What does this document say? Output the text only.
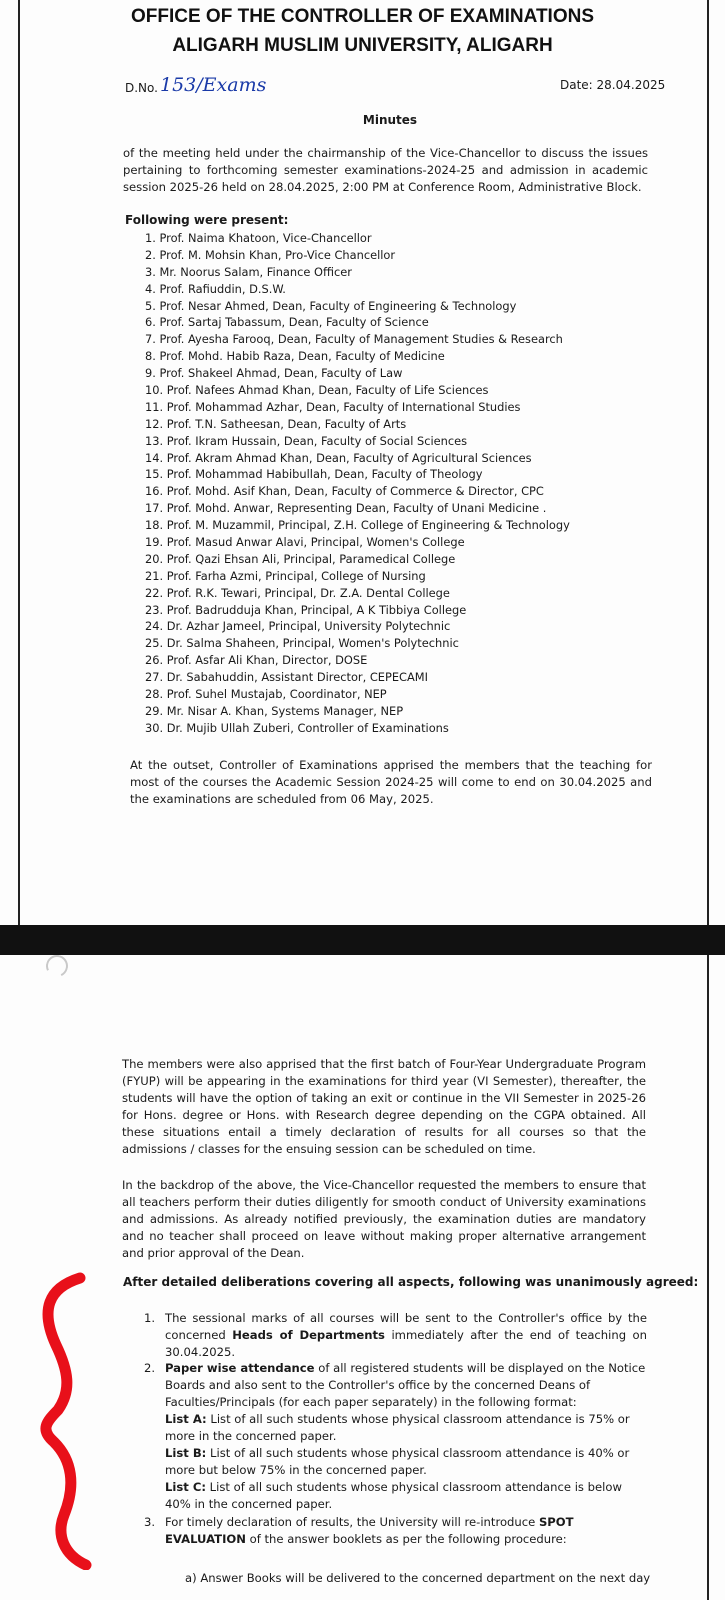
OFFICE OF THE CONTROLLER OF EXAMINATIONS
ALIGARH MUSLIM UNIVERSITY, ALIGARH
D.No. 153/Exams	Date: 28.04.2025
Minutes
of the meeting held under the chairmanship of the Vice-Chancellor to discuss the issues pertaining to forthcoming semester examinations-2024-25 and admission in academic session 2025-26 held on 28.04.2025, 2:00 PM at Conference Room, Administrative Block.
Following were present:
1. Prof. Naima Khatoon, Vice-Chancellor
2. Prof. M. Mohsin Khan, Pro-Vice Chancellor
3. Mr. Noorus Salam, Finance Officer
4. Prof. Rafiuddin, D.S.W.
5. Prof. Nesar Ahmed, Dean, Faculty of Engineering & Technology
6. Prof. Sartaj Tabassum, Dean, Faculty of Science
7. Prof. Ayesha Farooq, Dean, Faculty of Management Studies & Research
8. Prof. Mohd. Habib Raza, Dean, Faculty of Medicine
9. Prof. Shakeel Ahmad, Dean, Faculty of Law
10. Prof. Nafees Ahmad Khan, Dean, Faculty of Life Sciences
11. Prof. Mohammad Azhar, Dean, Faculty of International Studies
12. Prof. T.N. Satheesan, Dean, Faculty of Arts
13. Prof. Ikram Hussain, Dean, Faculty of Social Sciences
14. Prof. Akram Ahmad Khan, Dean, Faculty of Agricultural Sciences
15. Prof. Mohammad Habibullah, Dean, Faculty of Theology
16. Prof. Mohd. Asif Khan, Dean, Faculty of Commerce & Director, CPC
17. Prof. Mohd. Anwar, Representing Dean, Faculty of Unani Medicine .
18. Prof. M. Muzammil, Principal, Z.H. College of Engineering & Technology
19. Prof. Masud Anwar Alavi, Principal, Women's College
20. Prof. Qazi Ehsan Ali, Principal, Paramedical College
21. Prof. Farha Azmi, Principal, College of Nursing
22. Prof. R.K. Tewari, Principal, Dr. Z.A. Dental College
23. Prof. Badrudduja Khan, Principal, A K Tibbiya College
24. Dr. Azhar Jameel, Principal, University Polytechnic
25. Dr. Salma Shaheen, Principal, Women's Polytechnic
26. Prof. Asfar Ali Khan, Director, DOSE
27. Dr. Sabahuddin, Assistant Director, CEPECAMI
28. Prof. Suhel Mustajab, Coordinator, NEP
29. Mr. Nisar A. Khan, Systems Manager, NEP
30. Dr. Mujib Ullah Zuberi, Controller of Examinations
At the outset, Controller of Examinations apprised the members that the teaching for most of the courses the Academic Session 2024-25 will come to end on 30.04.2025 and the examinations are scheduled from 06 May, 2025.
The members were also apprised that the first batch of Four-Year Undergraduate Program (FYUP) will be appearing in the examinations for third year (VI Semester), thereafter, the students will have the option of taking an exit or continue in the VII Semester in 2025-26 for Hons. degree or Hons. with Research degree depending on the CGPA obtained. All these situations entail a timely declaration of results for all courses so that the admissions / classes for the ensuing session can be scheduled on time.
In the backdrop of the above, the Vice-Chancellor requested the members to ensure that all teachers perform their duties diligently for smooth conduct of University examinations and admissions. As already notified previously, the examination duties are mandatory and no teacher shall proceed on leave without making proper alternative arrangement and prior approval of the Dean.
After detailed deliberations covering all aspects, following was unanimously agreed:
1. The sessional marks of all courses will be sent to the Controller's office by the concerned Heads of Departments immediately after the end of teaching on 30.04.2025.
2. Paper wise attendance of all registered students will be displayed on the Notice Boards and also sent to the Controller's office by the concerned Deans of Faculties/Principals (for each paper separately) in the following format:
List A: List of all such students whose physical classroom attendance is 75% or more in the concerned paper.
List B: List of all such students whose physical classroom attendance is 40% or more but below 75% in the concerned paper.
List C: List of all such students whose physical classroom attendance is below 40% in the concerned paper.
3. For timely declaration of results, the University will re-introduce SPOT EVALUATION of the answer booklets as per the following procedure:
a) Answer Books will be delivered to the concerned department on the next day
